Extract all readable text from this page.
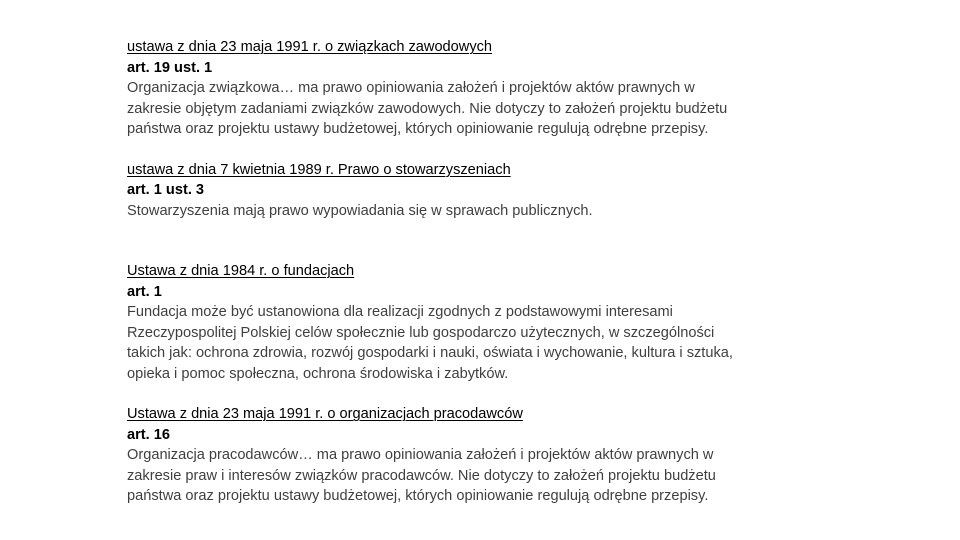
ustawa z dnia 23 maja 1991 r. o związkach zawodowych
art. 19 ust. 1
Organizacja związkowa… ma prawo opiniowania założeń i projektów aktów prawnych w
zakresie objętym zadaniami związków zawodowych. Nie dotyczy to założeń projektu budżetu
państwa oraz projektu ustawy budżetowej, których opiniowanie regulują odrębne przepisy.
ustawa z dnia 7 kwietnia 1989 r. Prawo o stowarzyszeniach
art. 1 ust. 3
Stowarzyszenia mają prawo wypowiadania się w sprawach publicznych.
Ustawa z dnia 1984 r. o fundacjach
art. 1
Fundacja może być ustanowiona dla realizacji zgodnych z podstawowymi interesami
Rzeczypospolitej Polskiej celów społecznie lub gospodarczo użytecznych, w szczególności
takich jak: ochrona zdrowia, rozwój gospodarki i nauki, oświata i wychowanie, kultura i sztuka,
opieka i pomoc społeczna, ochrona środowiska i zabytków.
Ustawa z dnia 23 maja 1991 r. o organizacjach pracodawców
art. 16
Organizacja pracodawców… ma prawo opiniowania założeń i projektów aktów prawnych w
zakresie praw i interesów związków pracodawców. Nie dotyczy to założeń projektu budżetu
państwa oraz projektu ustawy budżetowej, których opiniowanie regulują odrębne przepisy.
